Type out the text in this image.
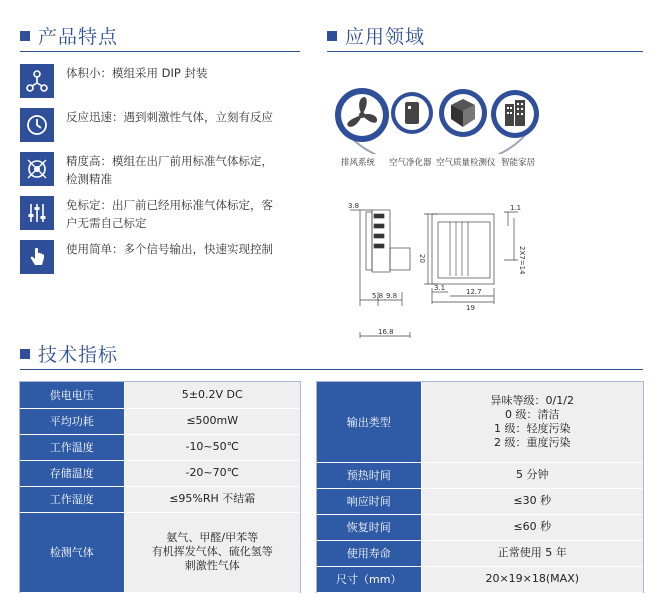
产品特点	应用领域
技术指标
体积小：模组采用 DIP 封装
反应迅速：遇到刺激性气体，立刻有反应
精度高：模组在出厂前用标准气体标定，检测精准
免标定：出厂前已经用标准气体标定，客户无需自己标定
使用简单：多个信号输出，快速实现控制
排风系统 空气净化器 空气质量检测仪 智能家居
3.8
5.8 9.8
16.8
1.1
2X7=14
20
3.1	12.7
19
供电电压	5±0.2V DC
平均功耗	≤500mW
工作温度	-10~50℃
存储温度	-20~70℃
工作湿度	≤95%RH 不结霜
检测气体	氨气、甲醛/甲苯等
有机挥发气体、硫化氢等
刺激性气体
输出类型	异味等级：0/1/2
0 级：清洁
1 级：轻度污染
2 级：重度污染

预热时间	5 分钟
响应时间	≤30 秒
恢复时间	≤60 秒
使用寿命	正常使用 5 年
尺寸（mm）	20×19×18(MAX)
